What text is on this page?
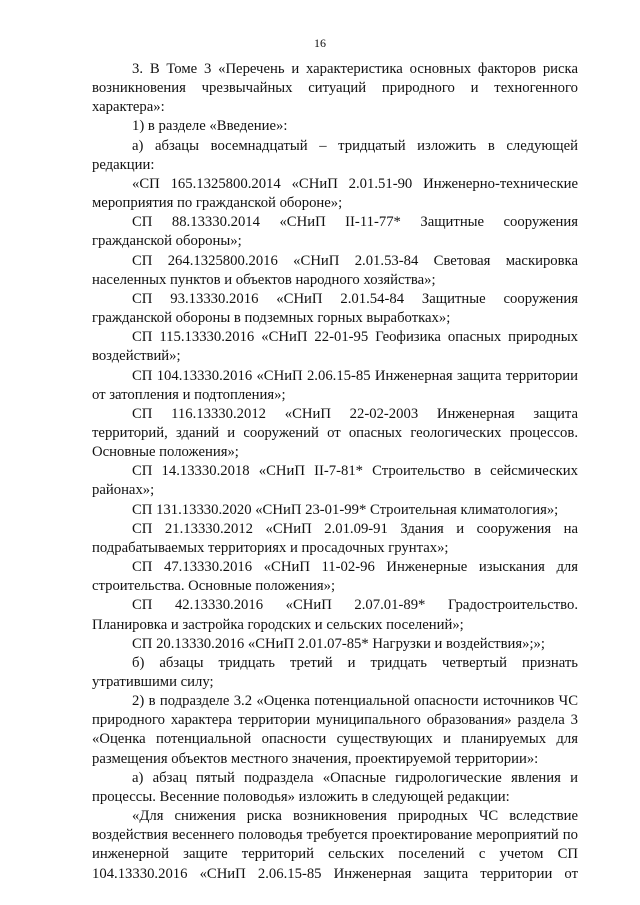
16

3. В Томе 3 «Перечень и характеристика основных факторов риска возникновения чрезвычайных ситуаций природного и техногенного характера»:

1) в разделе «Введение»:

а) абзацы восемнадцатый – тридцатый изложить в следующей редакции:

«СП 165.1325800.2014 «СНиП 2.01.51-90 Инженерно-технические мероприятия по гражданской обороне»;

СП 88.13330.2014 «СНиП II-11-77* Защитные сооружения гражданской обороны»;

СП 264.1325800.2016 «СНиП 2.01.53-84 Световая маскировка населенных пунктов и объектов народного хозяйства»;

СП 93.13330.2016 «СНиП 2.01.54-84 Защитные сооружения гражданской обороны в подземных горных выработках»;

СП 115.13330.2016 «СНиП 22-01-95 Геофизика опасных природных воздействий»;

СП 104.13330.2016 «СНиП 2.06.15-85 Инженерная защита территории от затопления и подтопления»;

СП 116.13330.2012 «СНиП 22-02-2003 Инженерная защита территорий, зданий и сооружений от опасных геологических процессов. Основные положения»;

СП 14.13330.2018 «СНиП II-7-81* Строительство в сейсмических районах»;

СП 131.13330.2020 «СНиП 23-01-99* Строительная климатология»;

СП 21.13330.2012 «СНиП 2.01.09-91 Здания и сооружения на подрабатываемых территориях и просадочных грунтах»;

СП 47.13330.2016 «СНиП 11-02-96 Инженерные изыскания для строительства. Основные положения»;

СП 42.13330.2016 «СНиП 2.07.01-89* Градостроительство. Планировка и застройка городских и сельских поселений»;

СП 20.13330.2016 «СНиП 2.01.07-85* Нагрузки и воздействия»;»;

б) абзацы тридцать третий и тридцать четвертый признать утратившими силу;

2) в подразделе 3.2 «Оценка потенциальной опасности источников ЧС природного характера территории муниципального образования» раздела 3 «Оценка потенциальной опасности существующих и планируемых для размещения объектов местного значения, проектируемой территории»:

а) абзац пятый подраздела «Опасные гидрологические явления и процессы. Весенние половодья» изложить в следующей редакции:

«Для снижения риска возникновения природных ЧС вследствие воздействия весеннего половодья требуется проектирование мероприятий по инженерной защите территорий сельских поселений с учетом СП 104.13330.2016 «СНиП 2.06.15-85 Инженерная защита территории от
